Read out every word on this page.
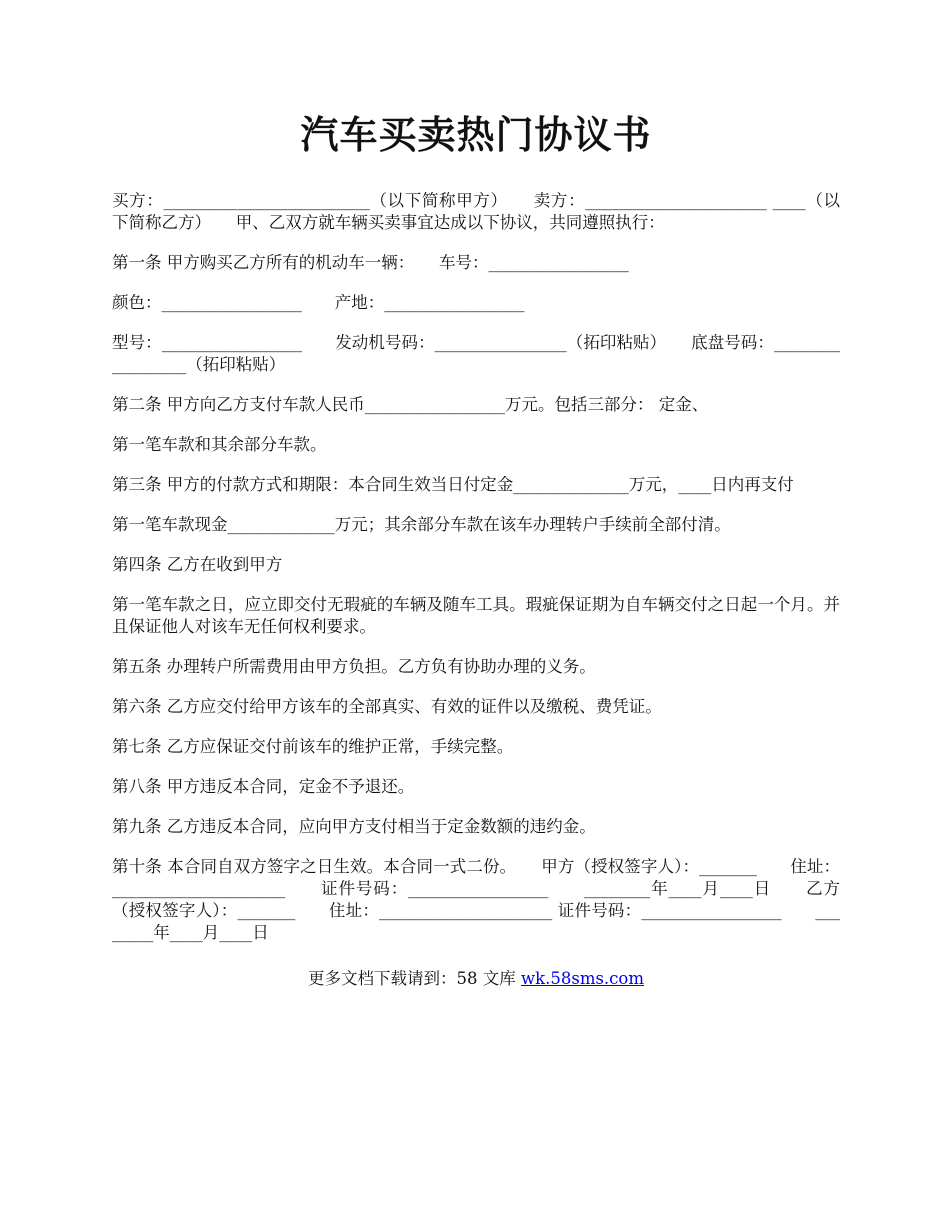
汽车买卖热门协议书

买方：_________________________（以下简称甲方）　　卖方：______________________ ____（以下简称乙方）　　甲、乙双方就车辆买卖事宜达成以下协议，共同遵照执行：

第一条 甲方购买乙方所有的机动车一辆：　　车号：_________________

颜色：_________________　　产地：_________________

型号：_________________　　发动机号码：________________（拓印粘贴）　　底盘号码：_________________（拓印粘贴）

第二条 甲方向乙方支付车款人民币_________________万元。包括三部分： 定金、

第一笔车款和其余部分车款。

第三条 甲方的付款方式和期限：本合同生效当日付定金______________万元，____日内再支付

第一笔车款现金_____________万元；其余部分车款在该车办理转户手续前全部付清。

第四条 乙方在收到甲方

第一笔车款之日，应立即交付无瑕疵的车辆及随车工具。瑕疵保证期为自车辆交付之日起一个月。并且保证他人对该车无任何权利要求。

第五条 办理转户所需费用由甲方负担。乙方负有协助办理的义务。

第六条 乙方应交付给甲方该车的全部真实、有效的证件以及缴税、费凭证。

第七条 乙方应保证交付前该车的维护正常，手续完整。

第八条 甲方违反本合同，定金不予退还。

第九条 乙方违反本合同，应向甲方支付相当于定金数额的违约金。

第十条 本合同自双方签字之日生效。本合同一式二份。　　甲方（授权签字人）：_______　　住址：_____________________　　证件号码：_________________　　________年____月____日　　乙方（授权签字人）：_______　　住址：_____________________ 证件号码：_________________　　________年____月____日

更多文档下载请到：58 文库 wk.58sms.com
